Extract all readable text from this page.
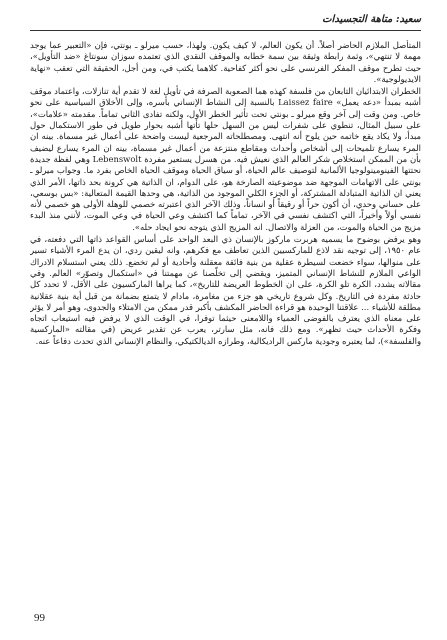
سعيد: متاهة التجسيدات

المتأصل الملازم الحاضر أصلاً. أن يكون العالم، لا كيف يكون. ولهذا، حسب ميرلو ـ بونتي، فإن «التعبير عما يوجد مهمة لا تنتهي»، وثمة رابطة وثيقة بين سمة خطابه والموقف النقدي الذي تعتمده سوزان سونتاغ «ضد التأويل»، حيث تطرح موقف المفكر الفرنسي على نحو أكثر كفاحية. كلاهما يكتب في، ومن أجل، الحقيقة التي تعقب «نهاية الايديولوجية».

الخطران الابتدائيان التابعان من فلسفة كهذه هما الصعوبة الصرفة في تأويل لغة لا تقدم أية تنازلات، واعتماد موقف أشبه بمبدأ «دعه يعمل» Laissez faire بالنسبة إلى النشاط الإنساني بأسره، وإلى الأخلاق السياسية على نحو خاص. ومن وقت إلى آخر وقع ميرلو ـ بونتي تحت تأثير الخطر الأول، ولكنه تفادى الثاني تماماً. مقدمته «علامات»، على سبيل المثال، تنطوي على شفرات ليس من السهل حلها تأتها أشبه بحوار طويل في طور الاستكمال حول مبدأ، ولا يكاد يقع خاتمه حين يلوح أنه انتهى. ومصطلحاته المرجعية ليست واضحة على أعمال غير مسماة. بينه ان المرء يسارع تلميحات إلى أشخاص وأحداث ومقاطع منتزعة من أعمال غير مسماة، بينه ان المرء يسارع ليضيف بأن من الممكن استخلاص شكر العالم الذي نعيش فيه. من هسرل يستعير مفردة Lebenswolt وهي لفظة جديدة نحتتها الفينومينولوجيا الألمانية لتوصيف عالم الحياة، أو سياق الحياة وموقف الحياة الخاص بفرد ما. وجواب ميرلو ـ بونتي على الاتهامات الموجهة ضد موضوعيته الصارخة هو، على الدوام، ان الذاتية هي كرونة بحد ذاتها، الأمر الذي يعني ان الذاتية المتبادلة المشتركة، أو الجزء الكلي الموجود من الذاتية، هي وحدها القيمة المتعالية: «بس بوسعي، على حساني وحدي، أن أكون حراً أو رقيقاً أو انساناً، وذلك الآخر الذي اعتبرته خصمي للوهلة الأولى هو خصمي لأنه نفسي أولاً وأخيراً، التي اكتشف نفسي في الآخر، تماماً كما اكتشف وعي الحياة في وعي الموت، لأنني منذ البدء مزيج من الحياة والموت، من العزلة والاتصال. انه المزيج الذي يتوجه نحو ايجاد حله».

وهو يرفض بوضوح ما يسميه هربرت ماركوز بالإنسان ذي البعد الواحد على أساس القواعد ذاتها التي دفعته، في عام ١٩٥٠، إلى توجيه نقد لاذع للماركسيين الذين تعاطف مع فكرهم، وانه ليقين ردي، ان يدع المرء الأشياء تسير على منوالها، سواء خضعت لسيطرة عقلية من بنية فائقة معقلنة وأحادية أو لم تخضع. ذلك يعني استسلام الادراك الواعي الملازم للنشاط الإنساني المتميز، ويقضي إلى تخلّصنا عن مهمتنا في «استكمال وتصوّر» العالم. وفي مقالاته يشدد، الكرة تلو الكرة، على ان الخطوط العريضة للتاريخ»، كما يراها الماركسيون على الأقل، لا تحدد كل حادثة مفردة في التاريخ. وكل شروع تاريخي هو جزء من مغامرة، مادام لا يتمتع بضمانة من قبل أية بنية عقلانية مطلقة للأشياء ... علاقتنا الوحيدة هو قراءة الحاضر المكشف بأكبر قدر ممكن من الامتلاء والجدوى، وهو أمر لا يؤثر على معناه الذي يعترف بالفوضى العمياء واللامعنى حيثما توفرا، في الوقت الذي لا يرفض فيه استيعاب اتجاه وفكرة الأحداث حيث تظهر». ومع ذلك فانه، مثل سارتر، يعرب عن تقدير عريض (في مقالته «الماركسية والفلسفة»)، لما يعتبره وجودية ماركس الراديكالية، وطرازه الديالكتيكي، والنظام الإنساني الذي تحدث دفاعاً عنه.

99
